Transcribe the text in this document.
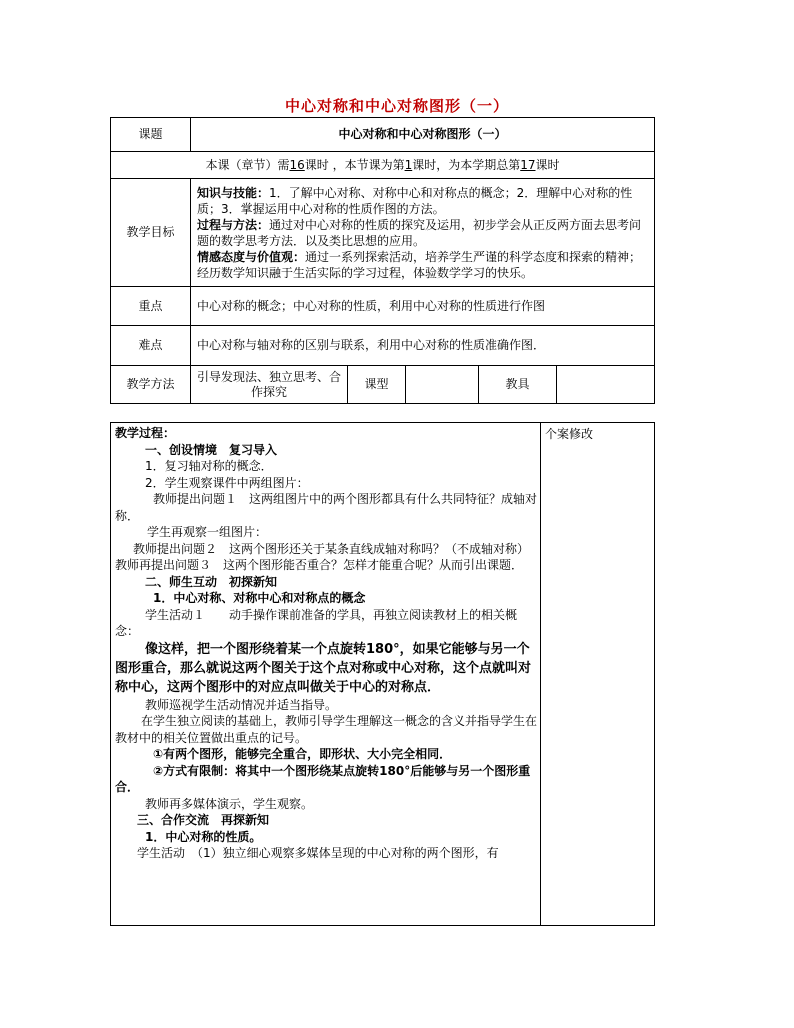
中心对称和中心对称图形（一）
课题	中心对称和中心对称图形（一）				
本课（章节）需16课时 ，本节课为第1课时，为本学期总第17课时					
教学目标	知识与技能：1．了解中心对称、对称中心和对称点的概念；2．理解中心对称的性质；3．掌握运用中心对称的性质作图的方法。

过程与方法：通过对中心对称的性质的探究及运用，初步学会从正反两方面去思考问题的数学思考方法．以及类比思想的应用。

情感态度与价值观：通过一系列探索活动，培养学生严谨的科学态度和探索的精神；经历数学知识融于生活实际的学习过程，体验数学学习的快乐。				

重点	中心对称的概念；中心对称的性质，利用中心对称的性质进行作图				
难点	中心对称与轴对称的区别与联系，利用中心对称的性质准确作图．				
教学方法	引导发现法、独立思考、合作探究	课型		教具	

教学过程：

一、创设情境　复习导入

1．复习轴对称的概念．

2．学生观察课件中两组图片：

教师提出问题１　这两组图片中的两个图形都具有什么共同特征？成轴对称．

学生再观察一组图片：

教师提出问题２　这两个图形还关于某条直线成轴对称吗？（不成轴对称）

教师再提出问题３　这两个图形能否重合？怎样才能重合呢？从而引出课题．

二、师生互动　初探新知

1．中心对称、对称中心和对称点的概念

学生活动１　　动手操作课前准备的学具，再独立阅读教材上的相关概念：

像这样，把一个图形绕着某一个点旋转180°，如果它能够与另一个图形重合，那么就说这两个图关于这个点对称或中心对称，这个点就叫对称中心，这两个图形中的对应点叫做关于中心的对称点．

教师巡视学生活动情况并适当指导。

在学生独立阅读的基础上，教师引导学生理解这一概念的含义并指导学生在教材中的相关位置做出重点的记号。

①有两个图形，能够完全重合，即形状、大小完全相同．

②方式有限制：将其中一个图形绕某点旋转180°后能够与另一个图形重合．

教师再多媒体演示，学生观察。

三、合作交流　再探新知

1．中心对称的性质。

学生活动　（1）独立细心观察多媒体呈现的中心对称的两个图形，有

	个案修改
